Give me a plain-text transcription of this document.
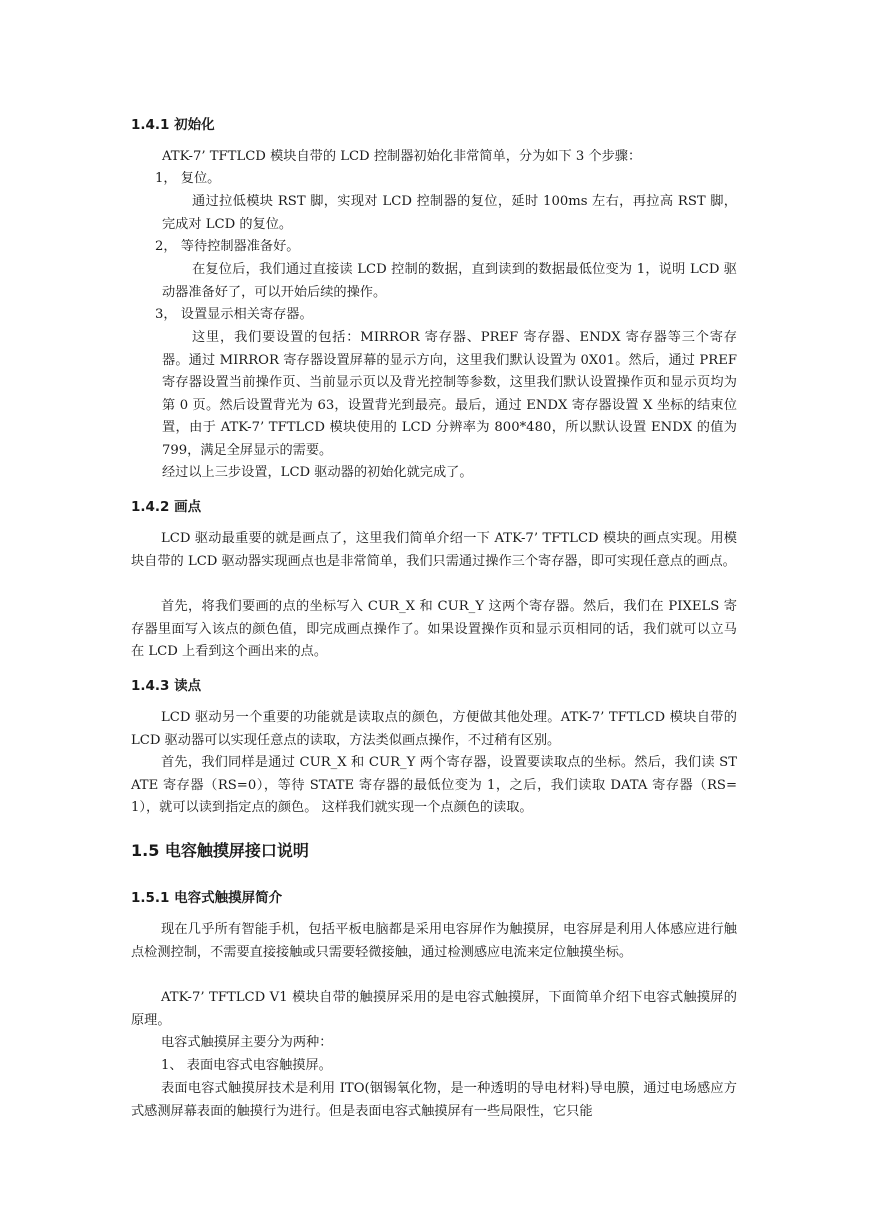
1.4.1 初始化

ATK-7’ TFTLCD 模块自带的 LCD 控制器初始化非常简单，分为如下 3 个步骤：

1， 复位。

通过拉低模块 RST 脚，实现对 LCD 控制器的复位，延时 100ms 左右，再拉高 RST 脚，完成对 LCD 的复位。

2， 等待控制器准备好。

在复位后，我们通过直接读 LCD 控制的数据，直到读到的数据最低位变为 1，说明 LCD 驱动器准备好了，可以开始后续的操作。

3， 设置显示相关寄存器。

这里，我们要设置的包括：MIRROR 寄存器、PREF 寄存器、ENDX 寄存器等三个寄存器。通过 MIRROR 寄存器设置屏幕的显示方向，这里我们默认设置为 0X01。然后，通过 PREF 寄存器设置当前操作页、当前显示页以及背光控制等参数，这里我们默认设置操作页和显示页均为第 0 页。然后设置背光为 63，设置背光到最亮。最后，通过 ENDX 寄存器设置 X 坐标的结束位置，由于 ATK-7’ TFTLCD 模块使用的 LCD 分辨率为 800*480，所以默认设置 ENDX 的值为 799，满足全屏显示的需要。

经过以上三步设置，LCD 驱动器的初始化就完成了。

1.4.2 画点

LCD 驱动最重要的就是画点了，这里我们简单介绍一下 ATK-7’ TFTLCD 模块的画点实现。用模块自带的 LCD 驱动器实现画点也是非常简单，我们只需通过操作三个寄存器，即可实现任意点的画点。

首先，将我们要画的点的坐标写入 CUR_X 和 CUR_Y 这两个寄存器。然后，我们在 PIXELS 寄存器里面写入该点的颜色值，即完成画点操作了。如果设置操作页和显示页相同的话，我们就可以立马在 LCD 上看到这个画出来的点。

1.4.3 读点

LCD 驱动另一个重要的功能就是读取点的颜色，方便做其他处理。ATK-7’ TFTLCD 模块自带的 LCD 驱动器可以实现任意点的读取，方法类似画点操作，不过稍有区别。

首先，我们同样是通过 CUR_X 和 CUR_Y 两个寄存器，设置要读取点的坐标。然后，我们读 STATE 寄存器（RS=0），等待 STATE 寄存器的最低位变为 1，之后，我们读取 DATA 寄存器（RS=1），就可以读到指定点的颜色。 这样我们就实现一个点颜色的读取。

1.5 电容触摸屏接口说明
1.5.1 电容式触摸屏简介

现在几乎所有智能手机，包括平板电脑都是采用电容屏作为触摸屏，电容屏是利用人体感应进行触点检测控制，不需要直接接触或只需要轻微接触，通过检测感应电流来定位触摸坐标。

ATK-7’ TFTLCD V1 模块自带的触摸屏采用的是电容式触摸屏，下面简单介绍下电容式触摸屏的原理。

电容式触摸屏主要分为两种：

1、 表面电容式电容触摸屏。

表面电容式触摸屏技术是利用 ITO(铟锡氧化物，是一种透明的导电材料)导电膜，通过电场感应方式感测屏幕表面的触摸行为进行。但是表面电容式触摸屏有一些局限性，它只能
